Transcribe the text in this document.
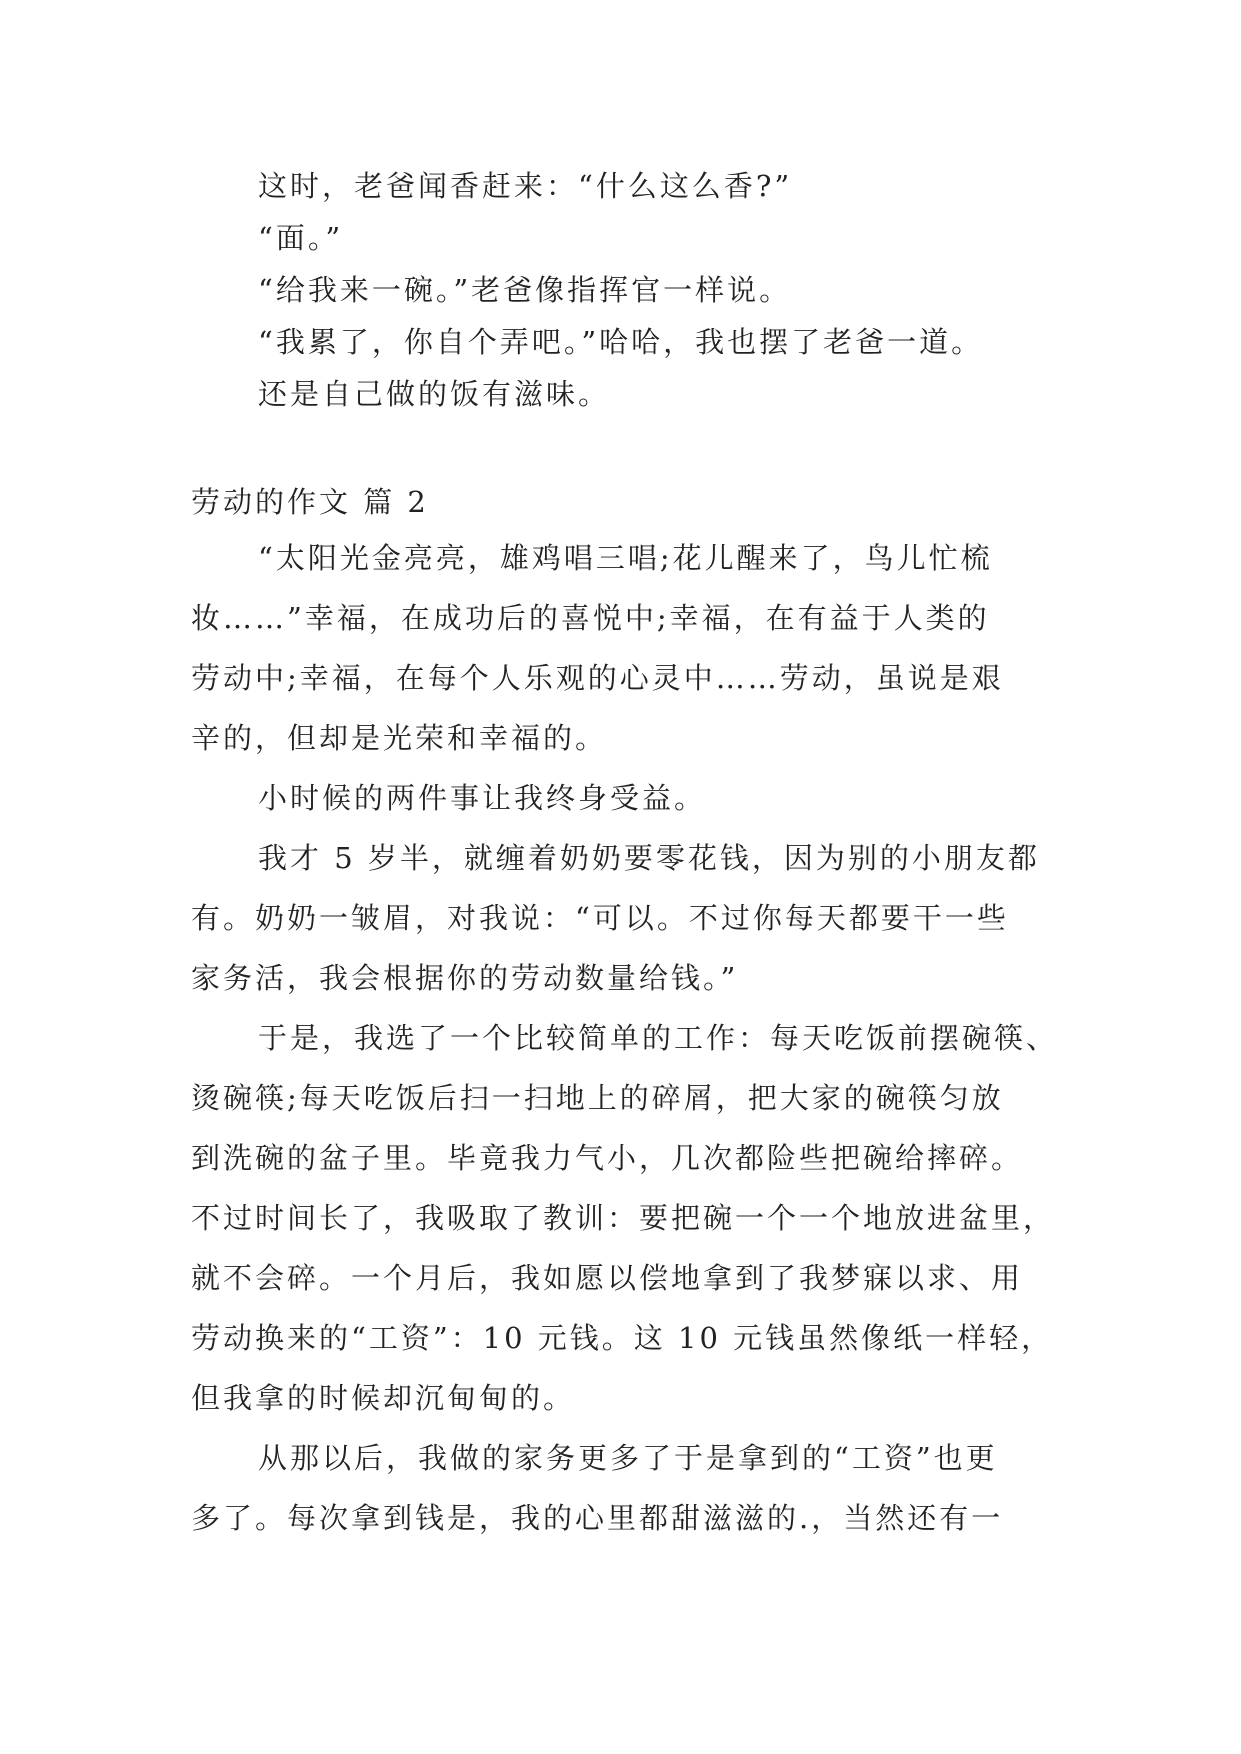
这时，老爸闻香赶来：“什么这么香?”
“面。”
“给我来一碗。”老爸像指挥官一样说。
“我累了，你自个弄吧。”哈哈，我也摆了老爸一道。
还是自己做的饭有滋味。
劳动的作文 篇 2
“太阳光金亮亮，雄鸡唱三唱;花儿醒来了，鸟儿忙梳
妆……”幸福，在成功后的喜悦中;幸福，在有益于人类的
劳动中;幸福，在每个人乐观的心灵中……劳动，虽说是艰
辛的，但却是光荣和幸福的。
小时候的两件事让我终身受益。
我才 5 岁半，就缠着奶奶要零花钱，因为别的小朋友都
有。奶奶一皱眉，对我说：“可以。不过你每天都要干一些
家务活，我会根据你的劳动数量给钱。”
于是，我选了一个比较简单的工作：每天吃饭前摆碗筷、
烫碗筷;每天吃饭后扫一扫地上的碎屑，把大家的碗筷匀放
到洗碗的盆子里。毕竟我力气小，几次都险些把碗给摔碎。
不过时间长了，我吸取了教训：要把碗一个一个地放进盆里，
就不会碎。一个月后，我如愿以偿地拿到了我梦寐以求、用
劳动换来的“工资”：10 元钱。这 10 元钱虽然像纸一样轻，
但我拿的时候却沉甸甸的。
从那以后，我做的家务更多了于是拿到的“工资”也更
多了。每次拿到钱是，我的心里都甜滋滋的.，当然还有一
